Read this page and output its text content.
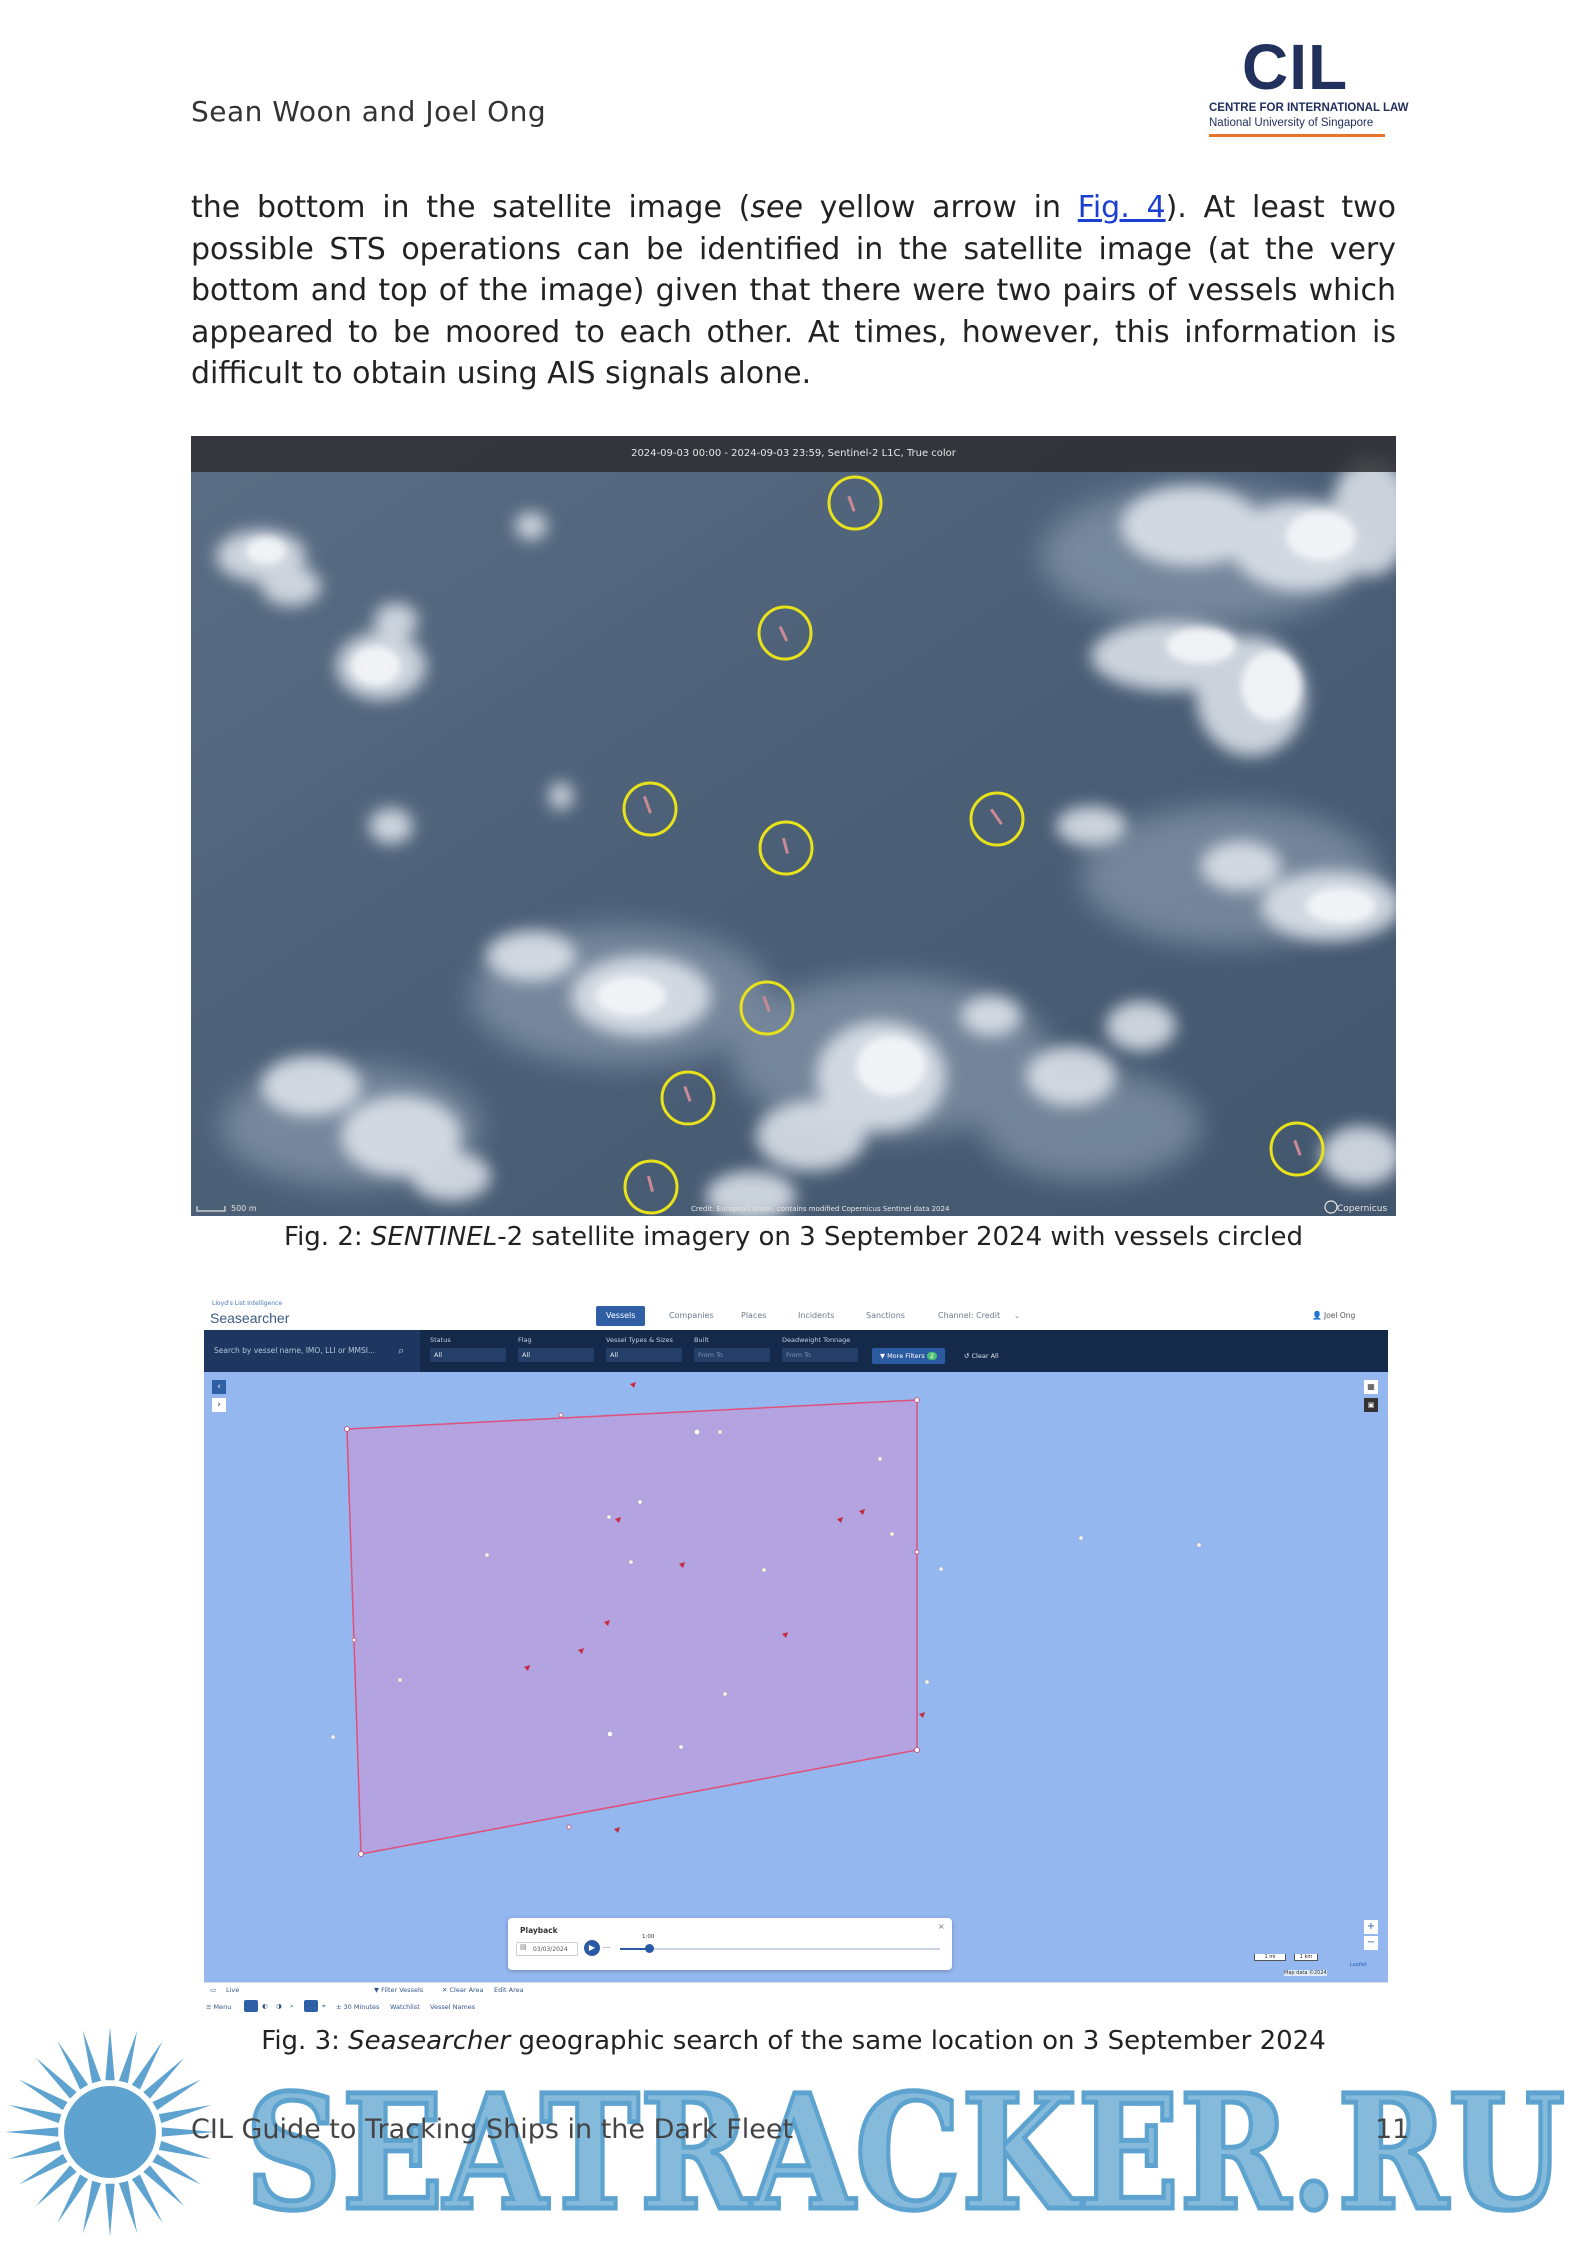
Sean Woon and Joel Ong
CIL
CENTRE FOR INTERNATIONAL LAW
National University of Singapore
the bottom in the satellite image (see yellow arrow in Fig. 4). At least two possible STS operations can be identified in the satellite image (at the very bottom and top of the image) given that there were two pairs of vessels which appeared to be moored to each other. At times, however, this information is difficult to obtain using AIS signals alone.
500 m	Credit: European Union, contains modified Copernicus Sentinel data 2024	Copernicus
2024-09-03 00:00 - 2024-09-03 23:59, Sentinel-2 L1C, True color
Fig. 2: SENTINEL-2 satellite imagery on 3 September 2024 with vessels circled
Lloyd's List Intelligence
Seasearcher	Vessels	Companies	Places	Incidents	Sanctions	Channel: Credit	⌄	👤 Joel Ong
Search by vessel name, IMO, LLI or MMSI...	⌕
Status
All
Flag
All
Vessel Types & Sizes
All
Built
From To
Deadweight Tonnage
From To	▼ More Filters 2	↺ Clear All
‹
›
▦
▣
+
−
1 mi	1 km
Map data ©2024
Leaflet
Playback	×
03/03/2024
▤	▶	─·─
1:00
▭ Live	▼ Filter Vessels	✕ Clear Area Edit Area
≡ Menu	◐ ◑ ⌕	⌖ ± 30 Minutes Watchlist Vessel Names
Fig. 3: Seasearcher geographic search of the same location on 3 September 2024
SEATRACKER.RU
SEATRACKER.RU
CIL Guide to Tracking Ships in the Dark Fleet	11
